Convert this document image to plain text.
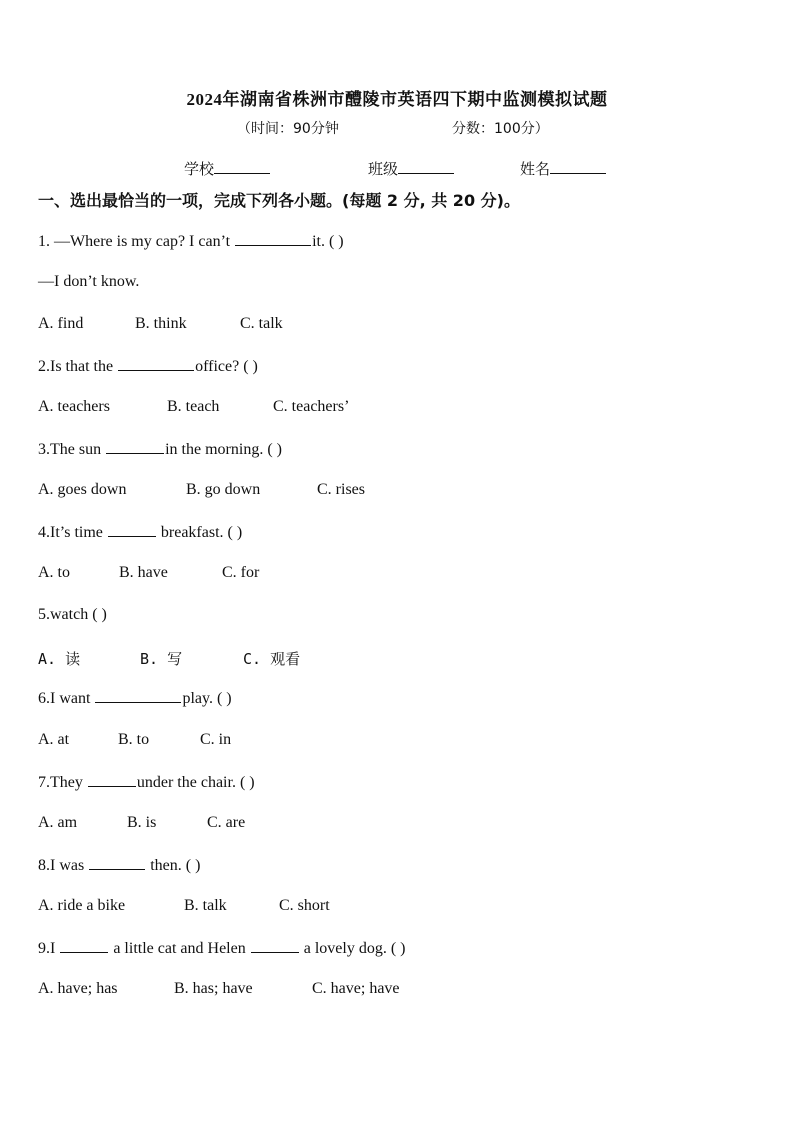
2024年湖南省株洲市醴陵市英语四下期中监测模拟试题
（时间：90分钟	分数：100分）
学校	班级	姓名
一、选出最恰当的一项，完成下列各小题。(每题 2 分, 共 20 分)。
1. —Where is my cap? I can’t	it. ( )
—I don’t know.
A. find	B. think	C. talk
2.Is that the	office? ( )
A. teachers	B. teach	C. teachers’
3.The sun	in the morning. ( )
A. goes down	B. go down	C. rises
4.It’s time	breakfast. ( )
A. to	B. have	C. for
5.watch ( )
A. 读	B. 写	C. 观看
6.I want	play. ( )
A. at	B. to	C. in
7.They	under the chair. ( )
A. am	B. is	C. are
8.I was	then. ( )
A. ride a bike	B. talk	C. short
9.I	a little cat and Helen	a lovely dog. ( )
A. have; has	B. has; have	C. have; have
